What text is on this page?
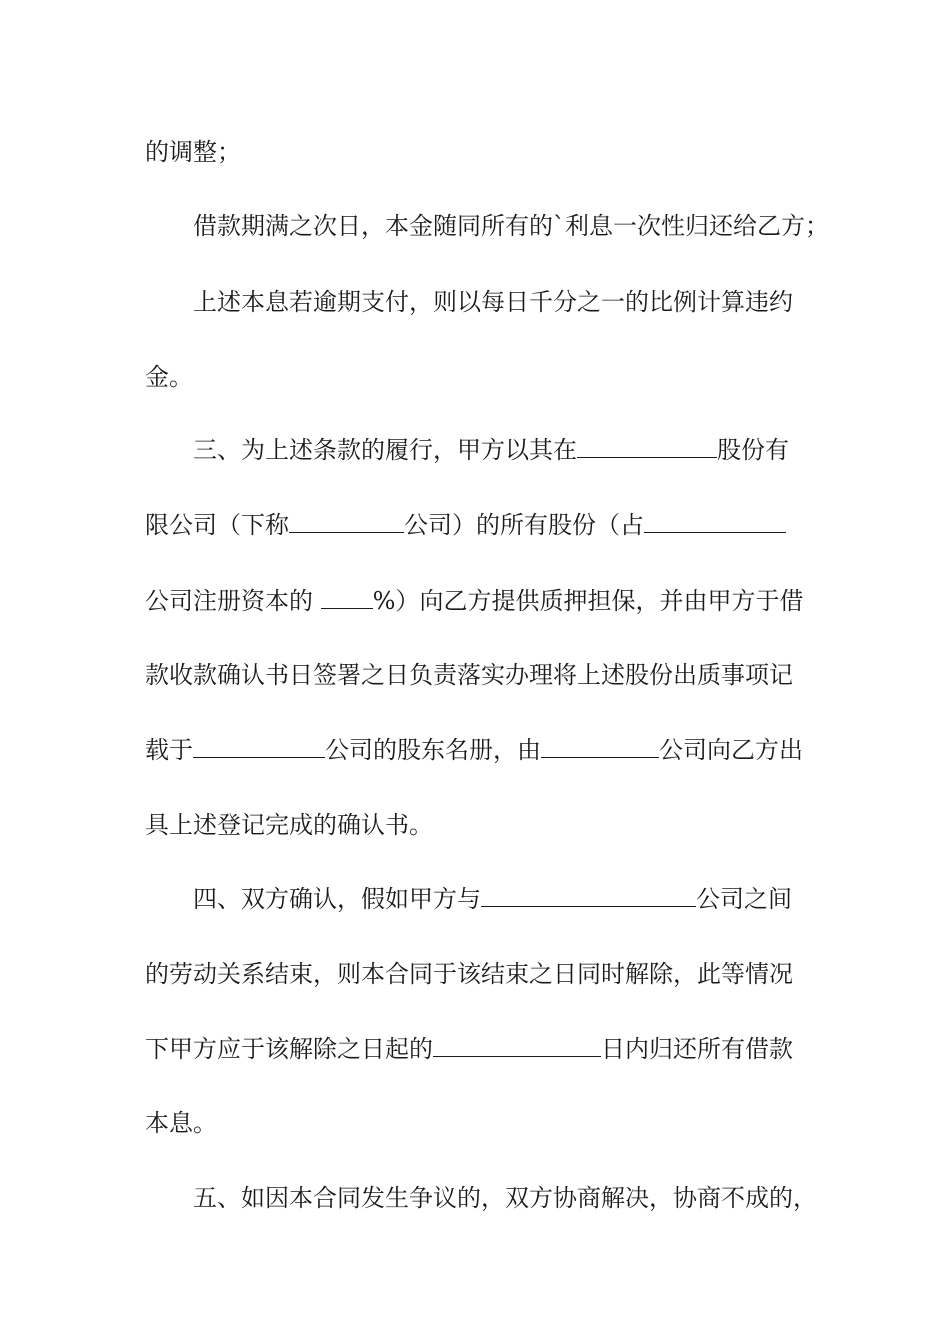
的调整；
借款期满之次日，本金随同所有的`利息一次性归还给乙方；
上述本息若逾期支付，则以每日千分之一的比例计算违约
金。
三、为上述条款的履行，甲方以其在	股份有
限公司（下称	公司）的所有股份（占
公司注册资本的 %）向乙方提供质押担保，并由甲方于借
款收款确认书日签署之日负责落实办理将上述股份出质事项记
载于	公司的股东名册，由	公司向乙方出
具上述登记完成的确认书。
四、双方确认，假如甲方与	公司之间
的劳动关系结束，则本合同于该结束之日同时解除，此等情况
下甲方应于该解除之日起的	日内归还所有借款
本息。
五、如因本合同发生争议的，双方协商解决，协商不成的，
